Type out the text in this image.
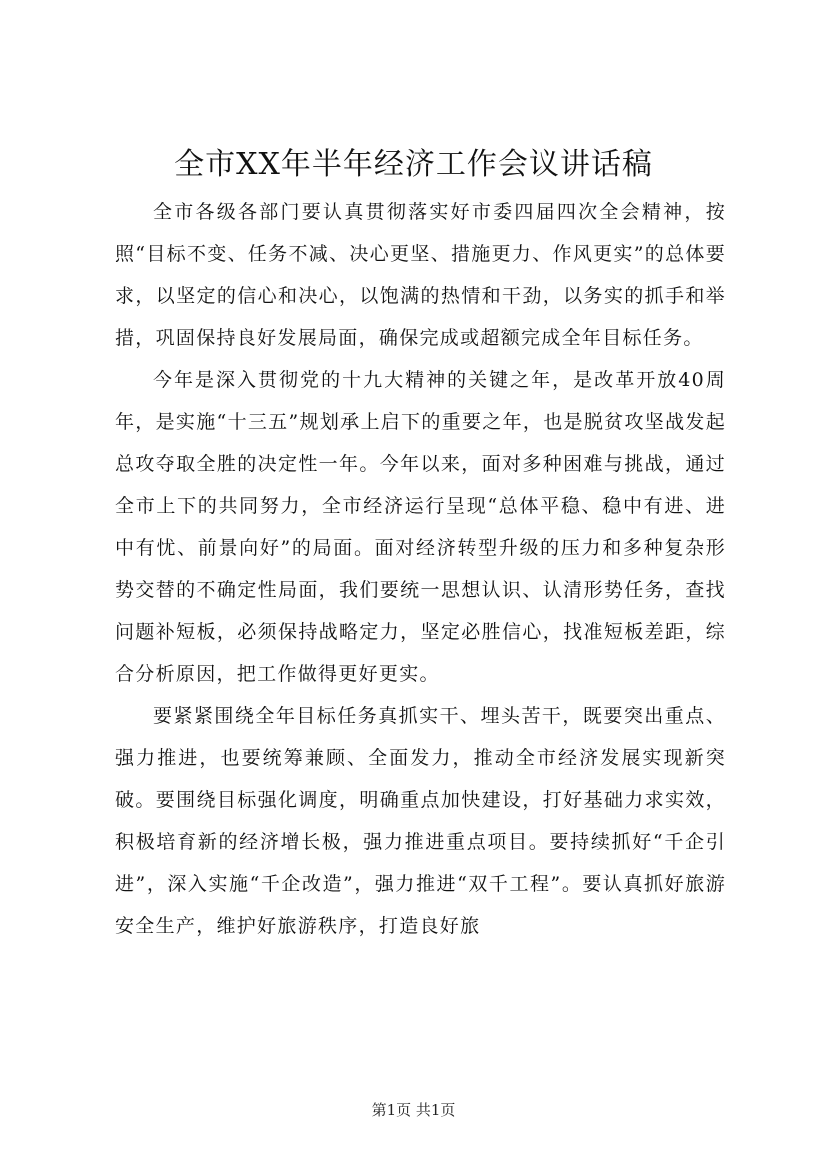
全市XX年半年经济工作会议讲话稿

全市各级各部门要认真贯彻落实好市委四届四次全会精神，按照“目标不变、任务不减、决心更坚、措施更力、作风更实”的总体要求，以坚定的信心和决心，以饱满的热情和干劲，以务实的抓手和举措，巩固保持良好发展局面，确保完成或超额完成全年目标任务。

今年是深入贯彻党的十九大精神的关键之年，是改革开放40周年，是实施“十三五”规划承上启下的重要之年，也是脱贫攻坚战发起总攻夺取全胜的决定性一年。今年以来，面对多种困难与挑战，通过全市上下的共同努力，全市经济运行呈现“总体平稳、稳中有进、进中有忧、前景向好”的局面。面对经济转型升级的压力和多种复杂形势交替的不确定性局面，我们要统一思想认识、认清形势任务，查找问题补短板，必须保持战略定力，坚定必胜信心，找准短板差距，综合分析原因，把工作做得更好更实。

要紧紧围绕全年目标任务真抓实干、埋头苦干，既要突出重点、强力推进，也要统筹兼顾、全面发力，推动全市经济发展实现新突破。要围绕目标强化调度，明确重点加快建设，打好基础力求实效，积极培育新的经济增长极，强力推进重点项目。要持续抓好“千企引进”，深入实施“千企改造”，强力推进“双千工程”。要认真抓好旅游安全生产，维护好旅游秩序，打造良好旅

第1页 共1页
